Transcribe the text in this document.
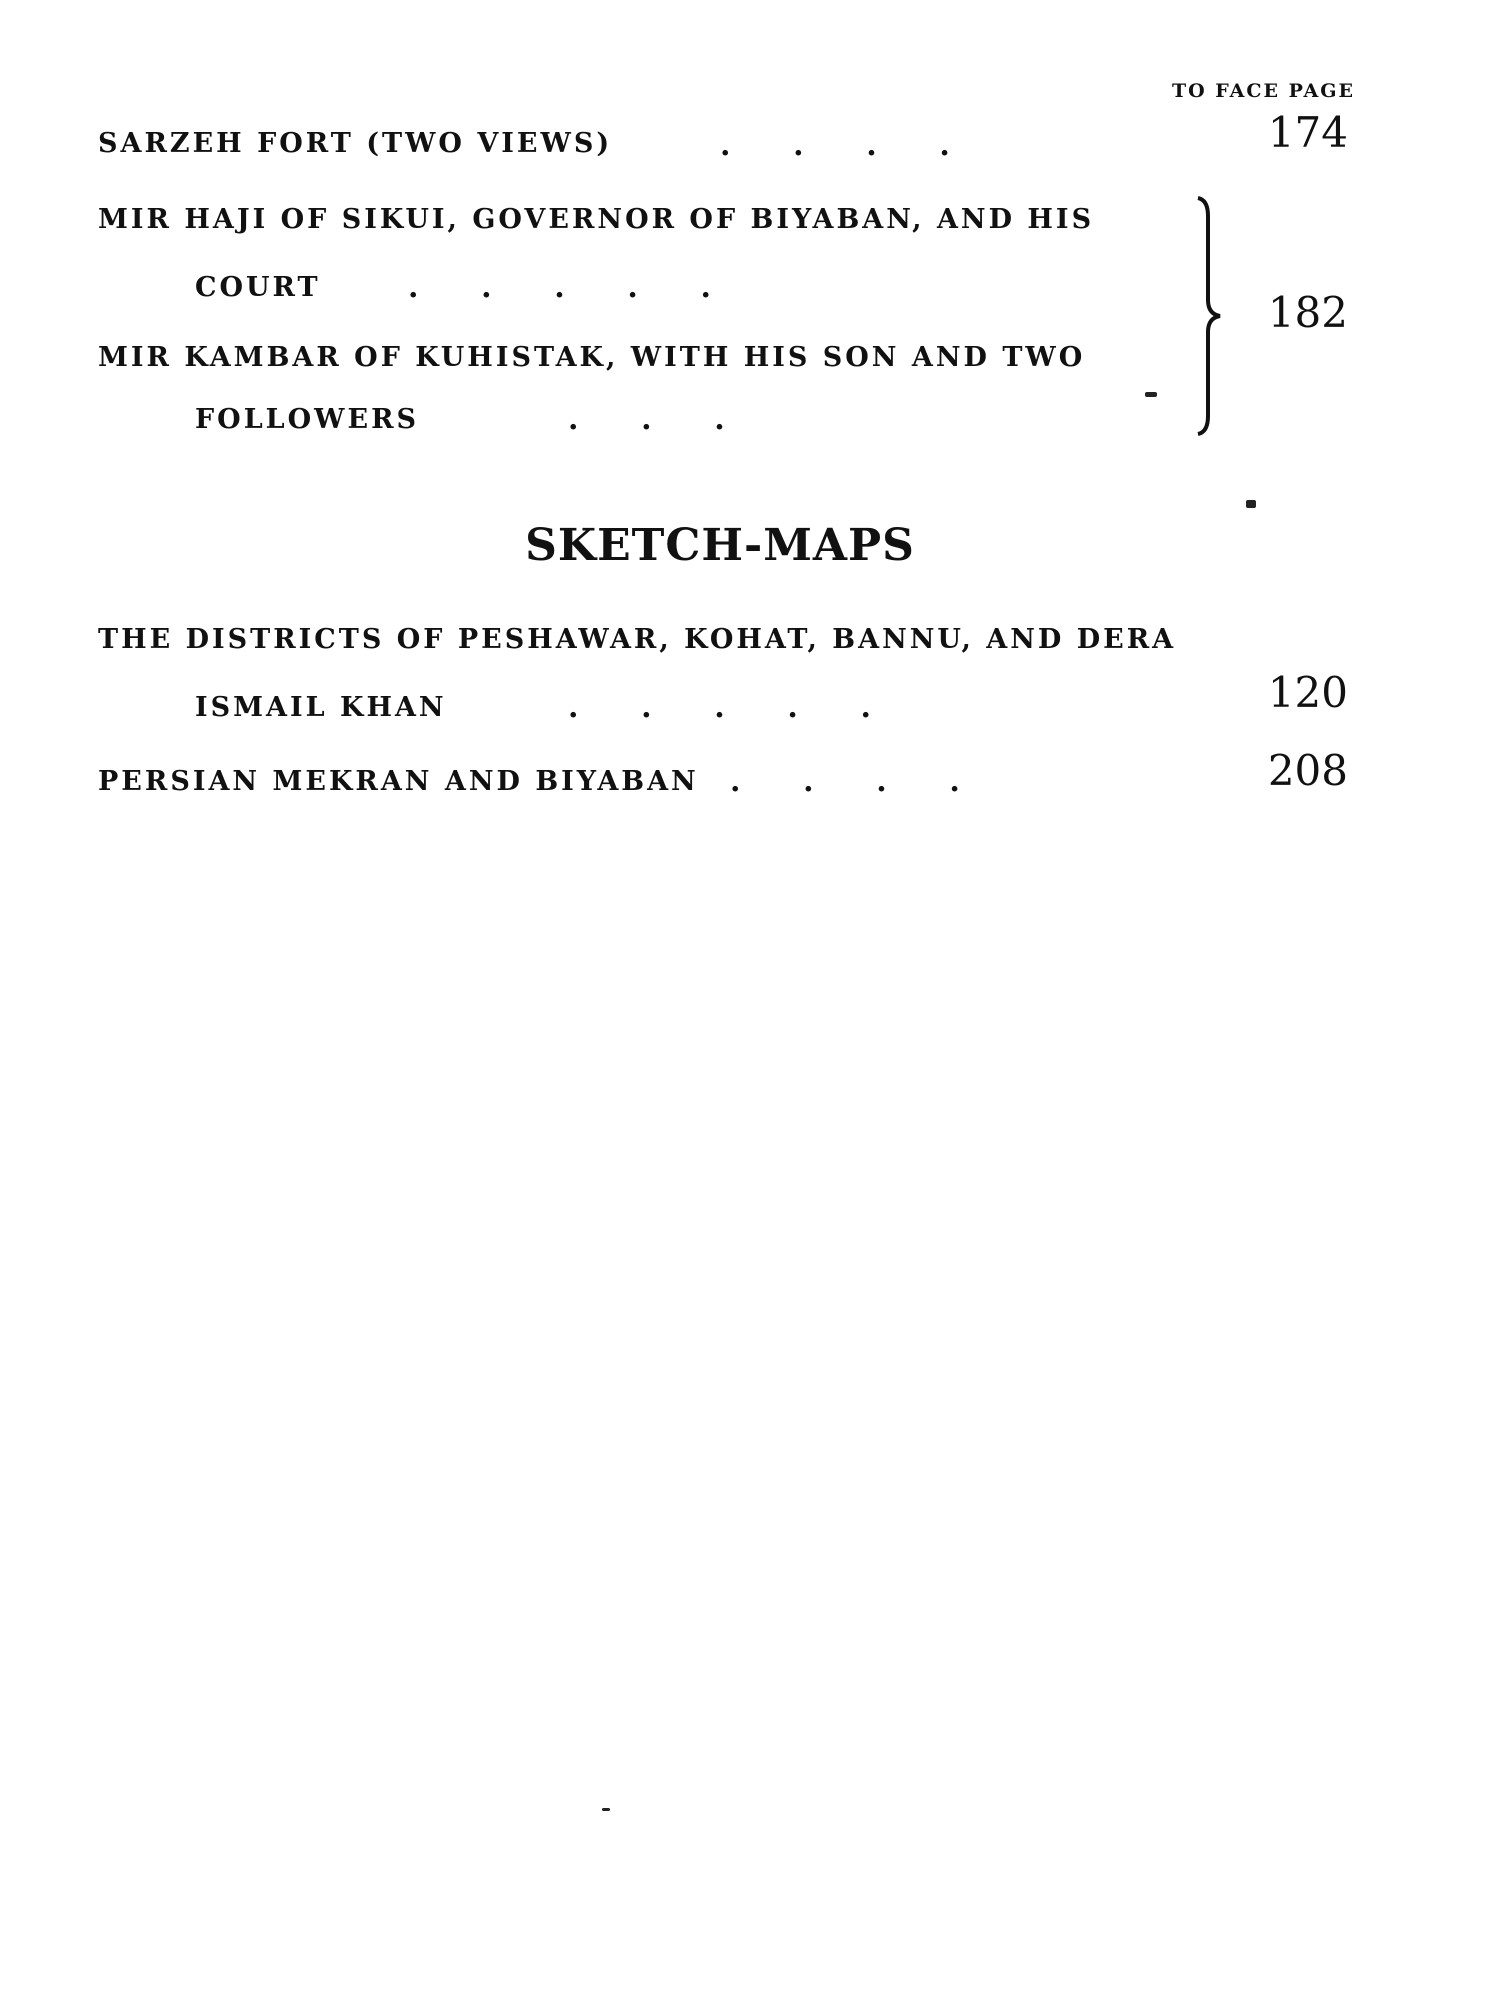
TO FACE PAGE
SARZEH FORT (TWO VIEWS)	.      .      .      .	174
MIR HAJI OF SIKUI, GOVERNOR OF BIYABAN, AND HIS
COURT	.      .      .      .      .
MIR KAMBAR OF KUHISTAK, WITH HIS SON AND TWO
FOLLOWERS	.      .      .
182
SKETCH-MAPS
THE DISTRICTS OF PESHAWAR, KOHAT, BANNU, AND DERA
ISMAIL KHAN	.      .      .      .      .	120
PERSIAN MEKRAN AND BIYABAN	.      .      .      .	208
